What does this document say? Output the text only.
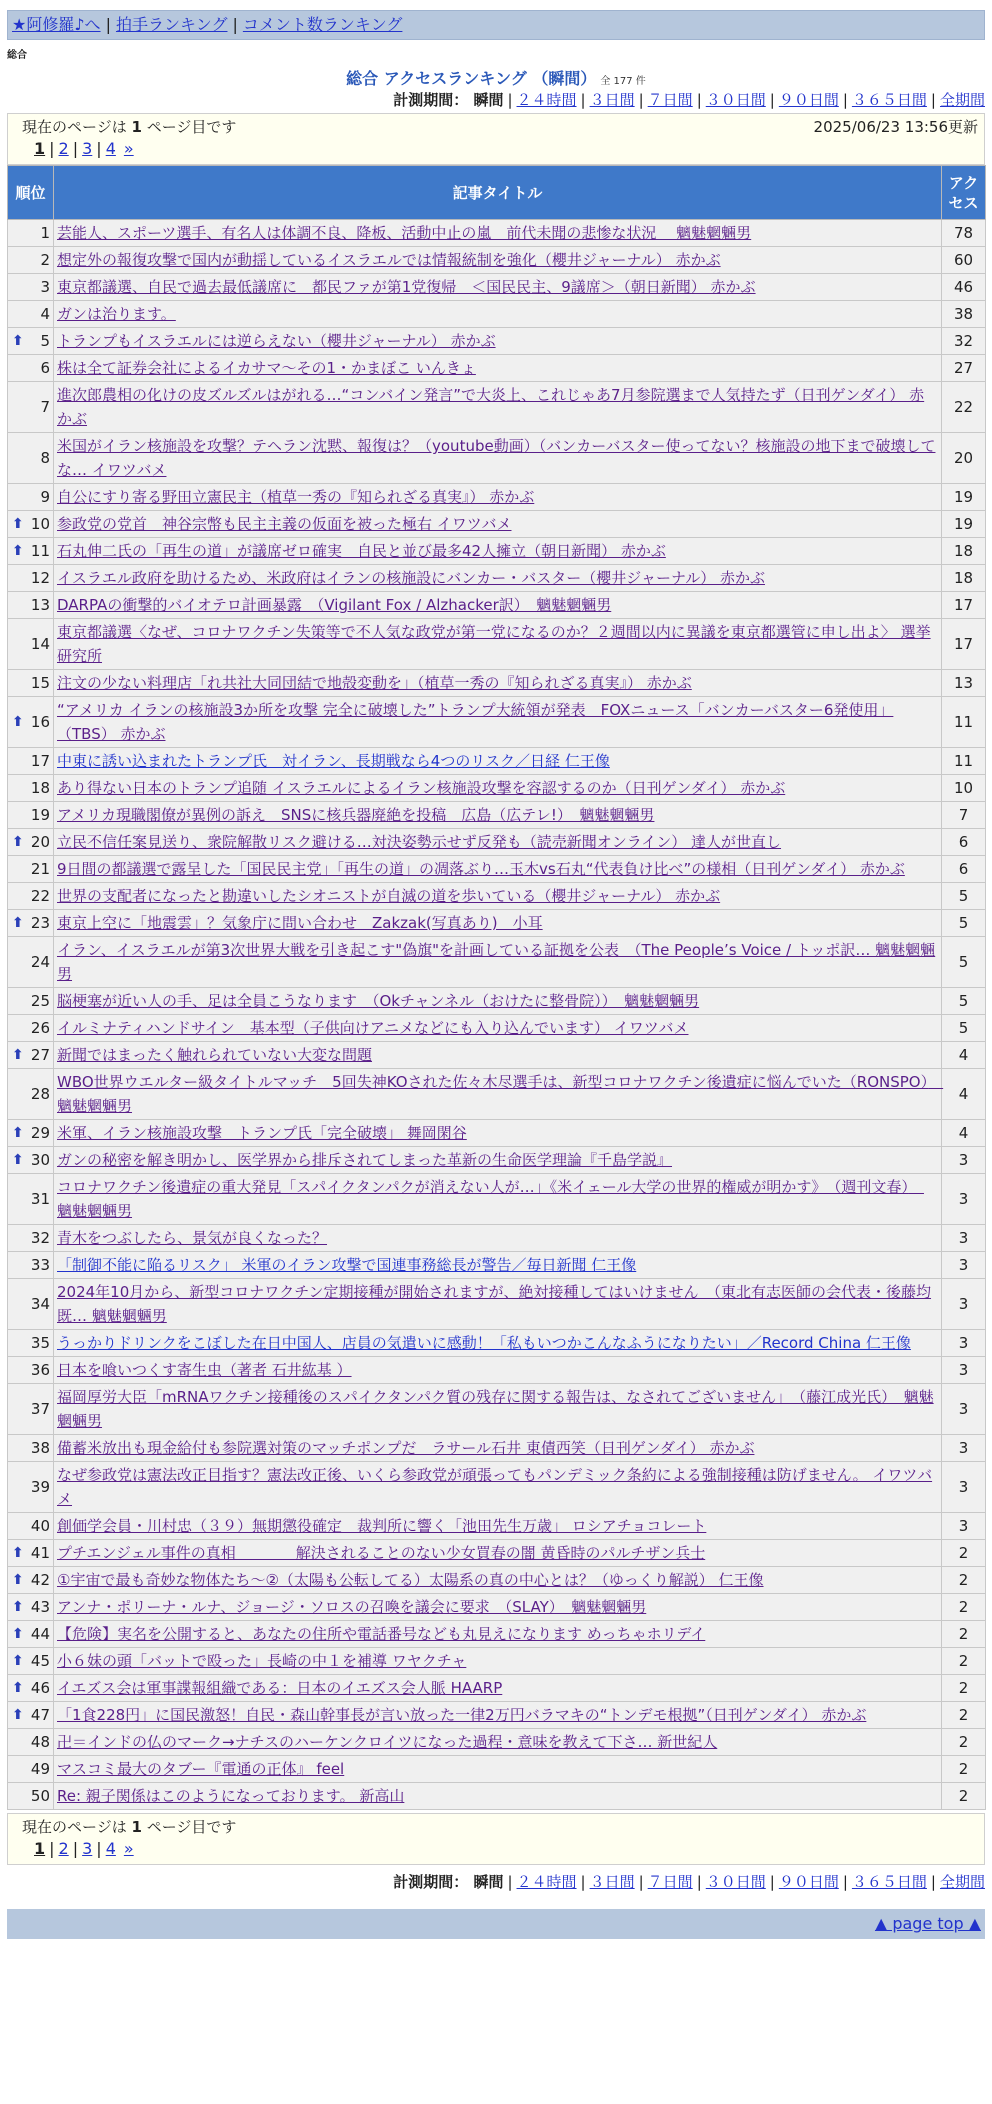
★阿修羅♪へ | 拍手ランキング | コメント数ランキング
総合
総合 アクセスランキング （瞬間） 全 177 件
計測期間： 瞬間 | ２４時間 | ３日間 | ７日間 | ３０日間 | ９０日間 | ３６５日間 | 全期間
現在のページは 1 ページ目です	2025/06/23 13:56更新
1 | 2 | 3 | 4 »
順位	記事タイトル	アクセス
1	芸能人、スポーツ選手、有名人は体調不良、降板、活動中止の嵐　前代未聞の悲惨な状況　 魑魅魍魎男	78
2	想定外の報復攻撃で国内が動揺しているイスラエルでは情報統制を強化（櫻井ジャーナル） 赤かぶ	60
3	東京都議選、自民で過去最低議席に　都民ファが第1党復帰　＜国民民主、9議席＞（朝日新聞） 赤かぶ	46
4	ガンは治ります。	38

⬆ 5	トランプもイスラエルには逆らえない（櫻井ジャーナル） 赤かぶ	32
6	株は全て証券会社によるイカサマ〜その1・かまぼこ いんきょ	27
7	進次郎農相の化けの皮ズルズルはがれる…“コンバイン発言”で大炎上、これじゃあ7月参院選まで人気持たず（日刊ゲンダイ） 赤かぶ	22
8	米国がイラン核施設を攻撃？テヘラン沈黙、報復は？（youtube動画）（バンカーバスター使ってない？核施設の地下まで破壊してな… イワツバメ	20
9	自公にすり寄る野田立憲民主（植草一秀の『知られざる真実』） 赤かぶ	19

⬆ 10	参政党の党首　神谷宗幣も民主主義の仮面を被った極右 イワツバメ	19

⬆ 11	石丸伸二氏の「再生の道」が議席ゼロ確実　自民と並び最多42人擁立（朝日新聞） 赤かぶ	18
12	イスラエル政府を助けるため、米政府はイランの核施設にバンカー・バスター（櫻井ジャーナル） 赤かぶ	18
13	DARPAの衝撃的バイオテロ計画暴露　（Vigilant Fox / Alzhacker訳）　魑魅魍魎男	17
14	東京都議選〈なぜ、コロナワクチン失策等で不人気な政党が第一党になるのか？２週間以内に異議を東京都選管に申し出よ〉 選挙研究所	17
15	注文の少ない料理店「れ共社大同団結で地殻変動を」（植草一秀の『知られざる真実』） 赤かぶ	13

⬆ 16	“アメリカ イランの核施設3か所を攻撃 完全に破壊した”トランプ大統領が発表　FOXニュース「バンカーバスター6発使用」（TBS） 赤かぶ	11
17	中東に誘い込まれたトランプ氏　対イラン、長期戦なら4つのリスク／日経 仁王像	11
18	あり得ない日本のトランプ追随 イスラエルによるイラン核施設攻撃を容認するのか（日刊ゲンダイ） 赤かぶ	10
19	アメリカ現職閣僚が異例の訴え　SNSに核兵器廃絶を投稿　広島（広テレ!）　魑魅魍魎男	7

⬆ 20	立民不信任案見送り、衆院解散リスク避ける…対決姿勢示せず反発も（読売新聞オンライン） 達人が世直し	6
21	9日間の都議選で露呈した「国民民主党」「再生の道」の凋落ぶり…玉木vs石丸“代表負け比べ”の様相（日刊ゲンダイ） 赤かぶ	6
22	世界の支配者になったと勘違いしたシオニストが自滅の道を歩いている（櫻井ジャーナル） 赤かぶ	5

⬆ 23	東京上空に「地震雲」？気象庁に問い合わせ　Zakzak(写真あり)　小耳	5
24	イラン、イスラエルが第3次世界大戦を引き起こす"偽旗"を計画している証拠を公表　（The People’s Voice / トッポ訳… 魑魅魍魎男	5
25	脳梗塞が近い人の手、足は全員こうなります　（Okチャンネル（おけたに整骨院））　魑魅魍魎男	5
26	イルミナティハンドサイン　基本型（子供向けアニメなどにも入り込んでいます） イワツバメ	5

⬆ 27	新聞ではまったく触れられていない大変な問題	4
28	WBO世界ウエルター級タイトルマッチ　5回失神KOされた佐々木尽選手は、新型コロナワクチン後遺症に悩んでいた（RONSPO）　魑魅魍魎男	4

⬆ 29	米軍、イラン核施設攻撃　トランプ氏「完全破壊」 舞岡閑谷	4

⬆ 30	ガンの秘密を解き明かし、医学界から排斥されてしまった革新の生命医学理論『千島学説』	3
31	コロナワクチン後遺症の重大発見「スパイクタンパクが消えない人が…」《米イェール大学の世界的権威が明かす》　（週刊文春）　魑魅魍魎男	3
32	青木をつぶしたら、景気が良くなった？	3
33	「制御不能に陥るリスク」 米軍のイラン攻撃で国連事務総長が警告／毎日新聞 仁王像	3
34	2024年10月から、新型コロナワクチン定期接種が開始されますが、絶対接種してはいけません　（東北有志医師の会代表・後藤均既… 魑魅魍魎男	3
35	うっかりドリンクをこぼした在日中国人、店員の気遣いに感動！「私もいつかこんなふうになりたい」／Record China 仁王像	3
36	日本を喰いつくす寄生虫（著者 石井紘基 ）	3
37	福岡厚労大臣「mRNAワクチン接種後のスパイクタンパク質の残存に関する報告は、なされてございません」　（藤江成光氏）　魑魅魍魎男	3
38	備蓄米放出も現金給付も参院選対策のマッチポンプだ　ラサール石井 東債西笑（日刊ゲンダイ） 赤かぶ	3
39	なぜ参政党は憲法改正目指す？憲法改正後、いくら参政党が頑張ってもパンデミック条約による強制接種は防げません。 イワツバメ	3
40	創価学会員・川村忠（３９）無期懲役確定　裁判所に響く「池田先生万歳」 ロシアチョコレート	3

⬆ 41	プチエンジェル事件の真相　　　　解決されることのない少女買春の闇 黄昏時のパルチザン兵士	2

⬆ 42	①宇宙で最も奇妙な物体たち〜②（太陽も公転してる）太陽系の真の中心とは？（ゆっくり解説） 仁王像	2

⬆ 43	アンナ・ポリーナ・ルナ、ジョージ・ソロスの召喚を議会に要求　（SLAY）　魑魅魍魎男	2

⬆ 44	【危険】実名を公開すると、あなたの住所や電話番号なども丸見えになります めっちゃホリデイ	2

⬆ 45	小６妹の頭「バットで殴った」長崎の中１を補導 ワヤクチャ	2

⬆ 46	イエズス会は軍事諜報組織である：日本のイエズス会人脈 HAARP	2

⬆ 47	「1食228円」に国民激怒！自民・森山幹事長が言い放った一律2万円バラマキの“トンデモ根拠”（日刊ゲンダイ） 赤かぶ	2
48	卍＝インドの仏のマーク→ナチスのハーケンクロイツになった過程・意味を教えて下さ… 新世紀人	2
49	マスコミ最大のタブー『電通の正体』 feel	2
50	Re: 親子関係はこのようになっております。 新高山	2
現在のページは 1 ページ目です
1 | 2 | 3 | 4 »
計測期間： 瞬間 | ２４時間 | ３日間 | ７日間 | ３０日間 | ９０日間 | ３６５日間 | 全期間
▲ page top ▲
